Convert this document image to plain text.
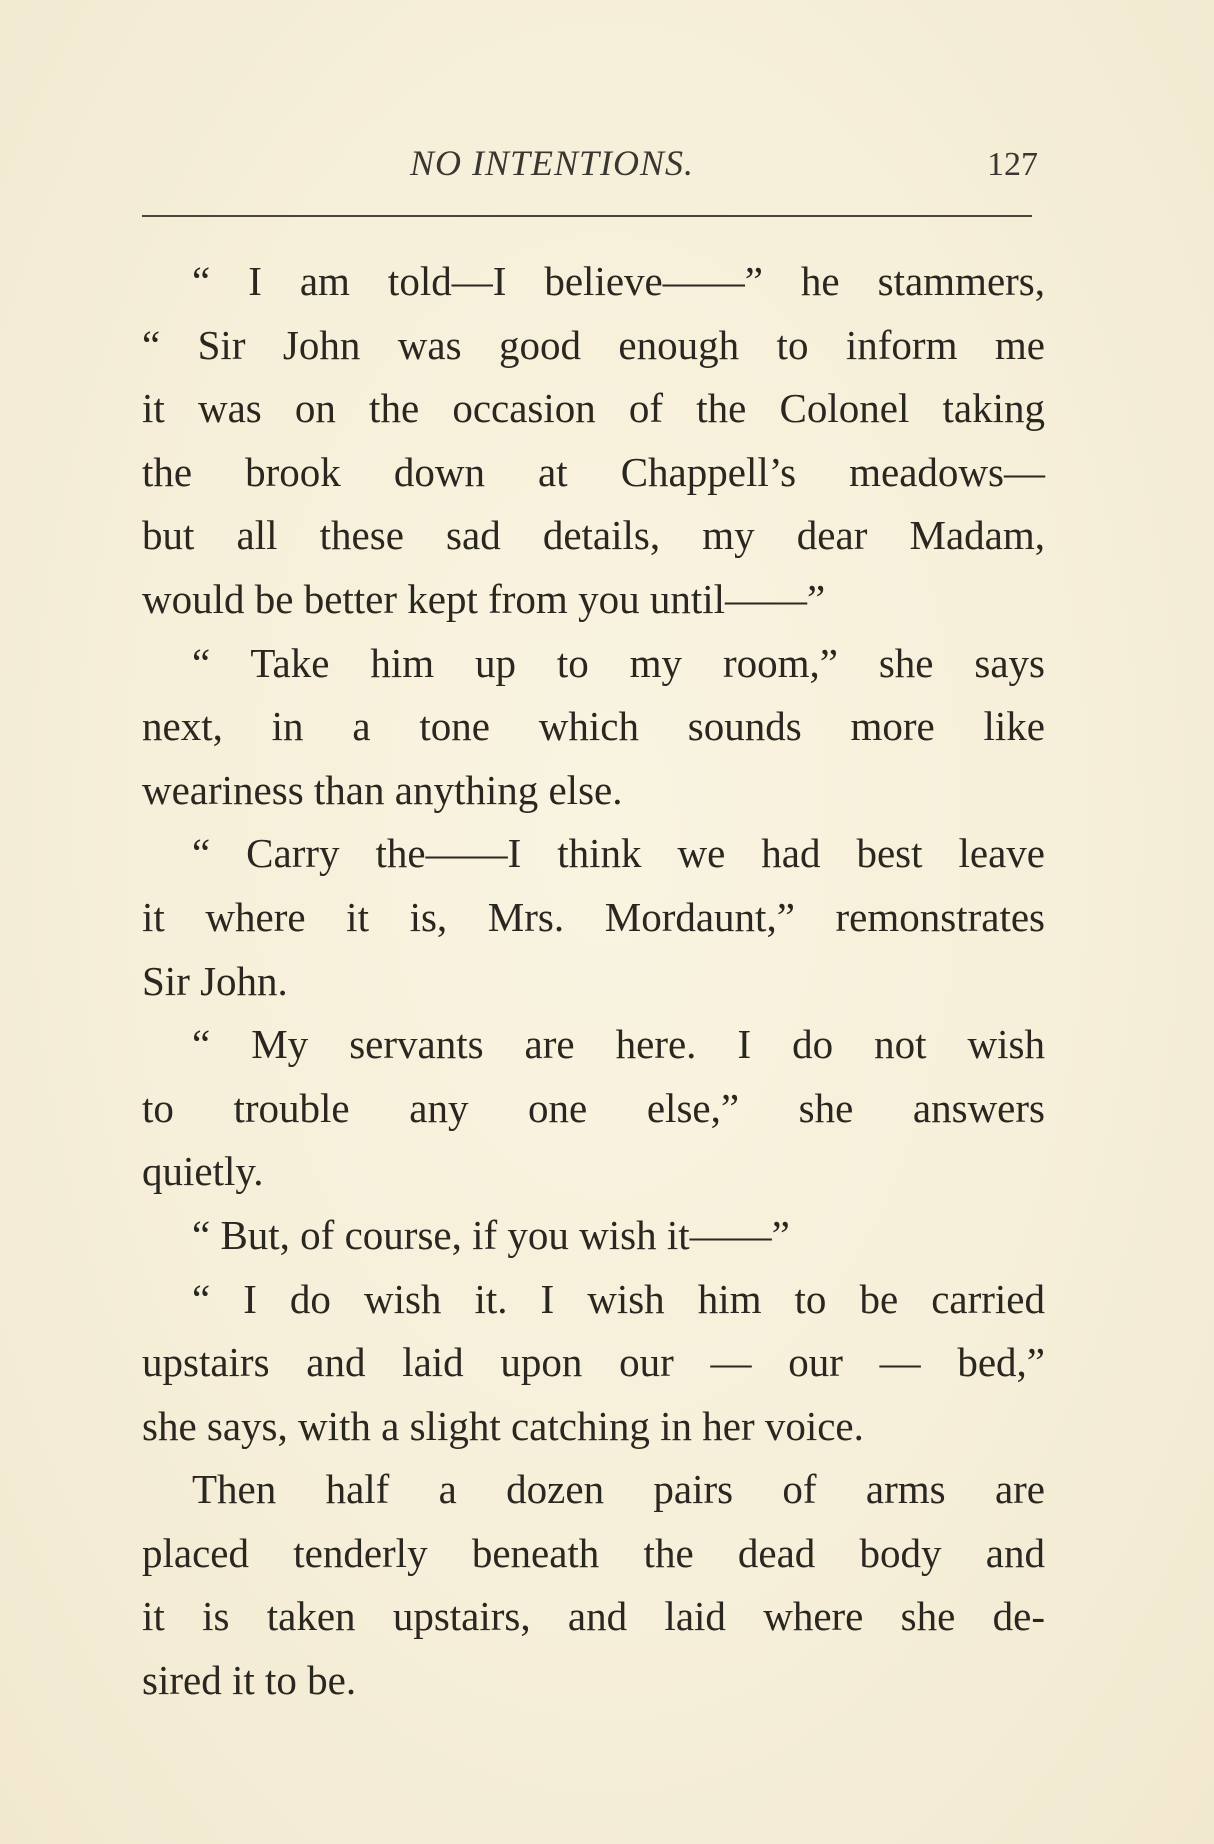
NO INTENTIONS.	127
“ I am told—I believe——” he stammers,
“ Sir John was good enough to inform me
it was on the occasion of the Colonel taking
the brook down at Chappell’s meadows—
but all these sad details, my dear Madam,
would be better kept from you until——”
“ Take him up to my room,” she says
next, in a tone which sounds more like
weariness than anything else.
“ Carry the——I think we had best leave
it where it is, Mrs. Mordaunt,” remonstrates
Sir John.
“ My servants are here. I do not wish
to trouble any one else,” she answers
quietly.
“ But, of course, if you wish it——”
“ I do wish it. I wish him to be carried
upstairs and laid upon our — our — bed,”
she says, with a slight catching in her voice.
Then half a dozen pairs of arms are
placed tenderly beneath the dead body and
it is taken upstairs, and laid where she de-
sired it to be.
